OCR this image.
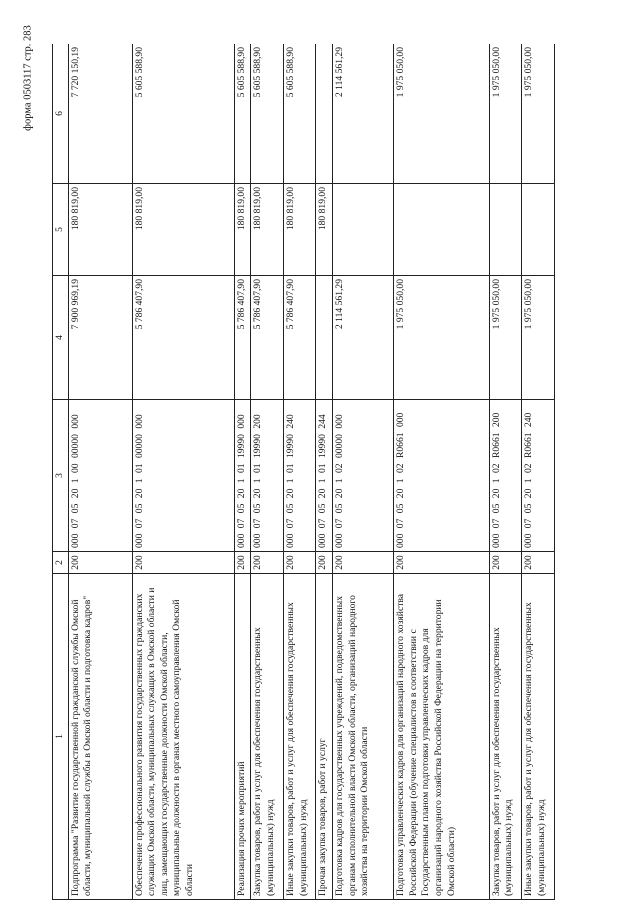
форма 0503117 стр. 283
1	2	3	4	5	6
Подпрограмма "Развитие государственной гражданской службы Омской области, муниципальной службы в Омской области и подготовка кадров"	200	000 07 05 20 1 00 00000 000	7 900 969,19	180 819,00	7 720 150,19
Обеспечение профессионального развития государственных гражданских служащих Омской области, муниципальных служащих в Омской области и лиц, замещающих государственные должности Омской области, муниципальные должности в органах местного самоуправления Омской области	200	000 07 05 20 1 01 00000 000	5 786 407,90	180 819,00	5 605 588,90
Реализация прочих мероприятий	200	000 07 05 20 1 01 19990 000	5 786 407,90	180 819,00	5 605 588,90
Закупка товаров, работ и услуг для обеспечения государственных (муниципальных) нужд	200	000 07 05 20 1 01 19990 200	5 786 407,90	180 819,00	5 605 588,90
Иные закупки товаров, работ и услуг для обеспечения государственных (муниципальных) нужд	200	000 07 05 20 1 01 19990 240	5 786 407,90	180 819,00	5 605 588,90
Прочая закупка товаров, работ и услуг	200	000 07 05 20 1 01 19990 244		180 819,00	
Подготовка кадров для государственных учреждений, подведомственных органам исполнительной власти Омской области, организаций народного хозяйства на территории Омской области	200	000 07 05 20 1 02 00000 000	2 114 561,29		2 114 561,29
Подготовка управленческих кадров для организаций народного хозяйства Российской Федерации (обучение специалистов в соответствии с Государственным планом подготовки управленческих кадров для организаций народного хозяйства Российской Федерации на территории Омской области)	200	000 07 05 20 1 02 R0661 000	1 975 050,00		1 975 050,00
Закупка товаров, работ и услуг для обеспечения государственных (муниципальных) нужд	200	000 07 05 20 1 02 R0661 200	1 975 050,00		1 975 050,00
Иные закупки товаров, работ и услуг для обеспечения государственных (муниципальных) нужд	200	000 07 05 20 1 02 R0661 240	1 975 050,00		1 975 050,00
